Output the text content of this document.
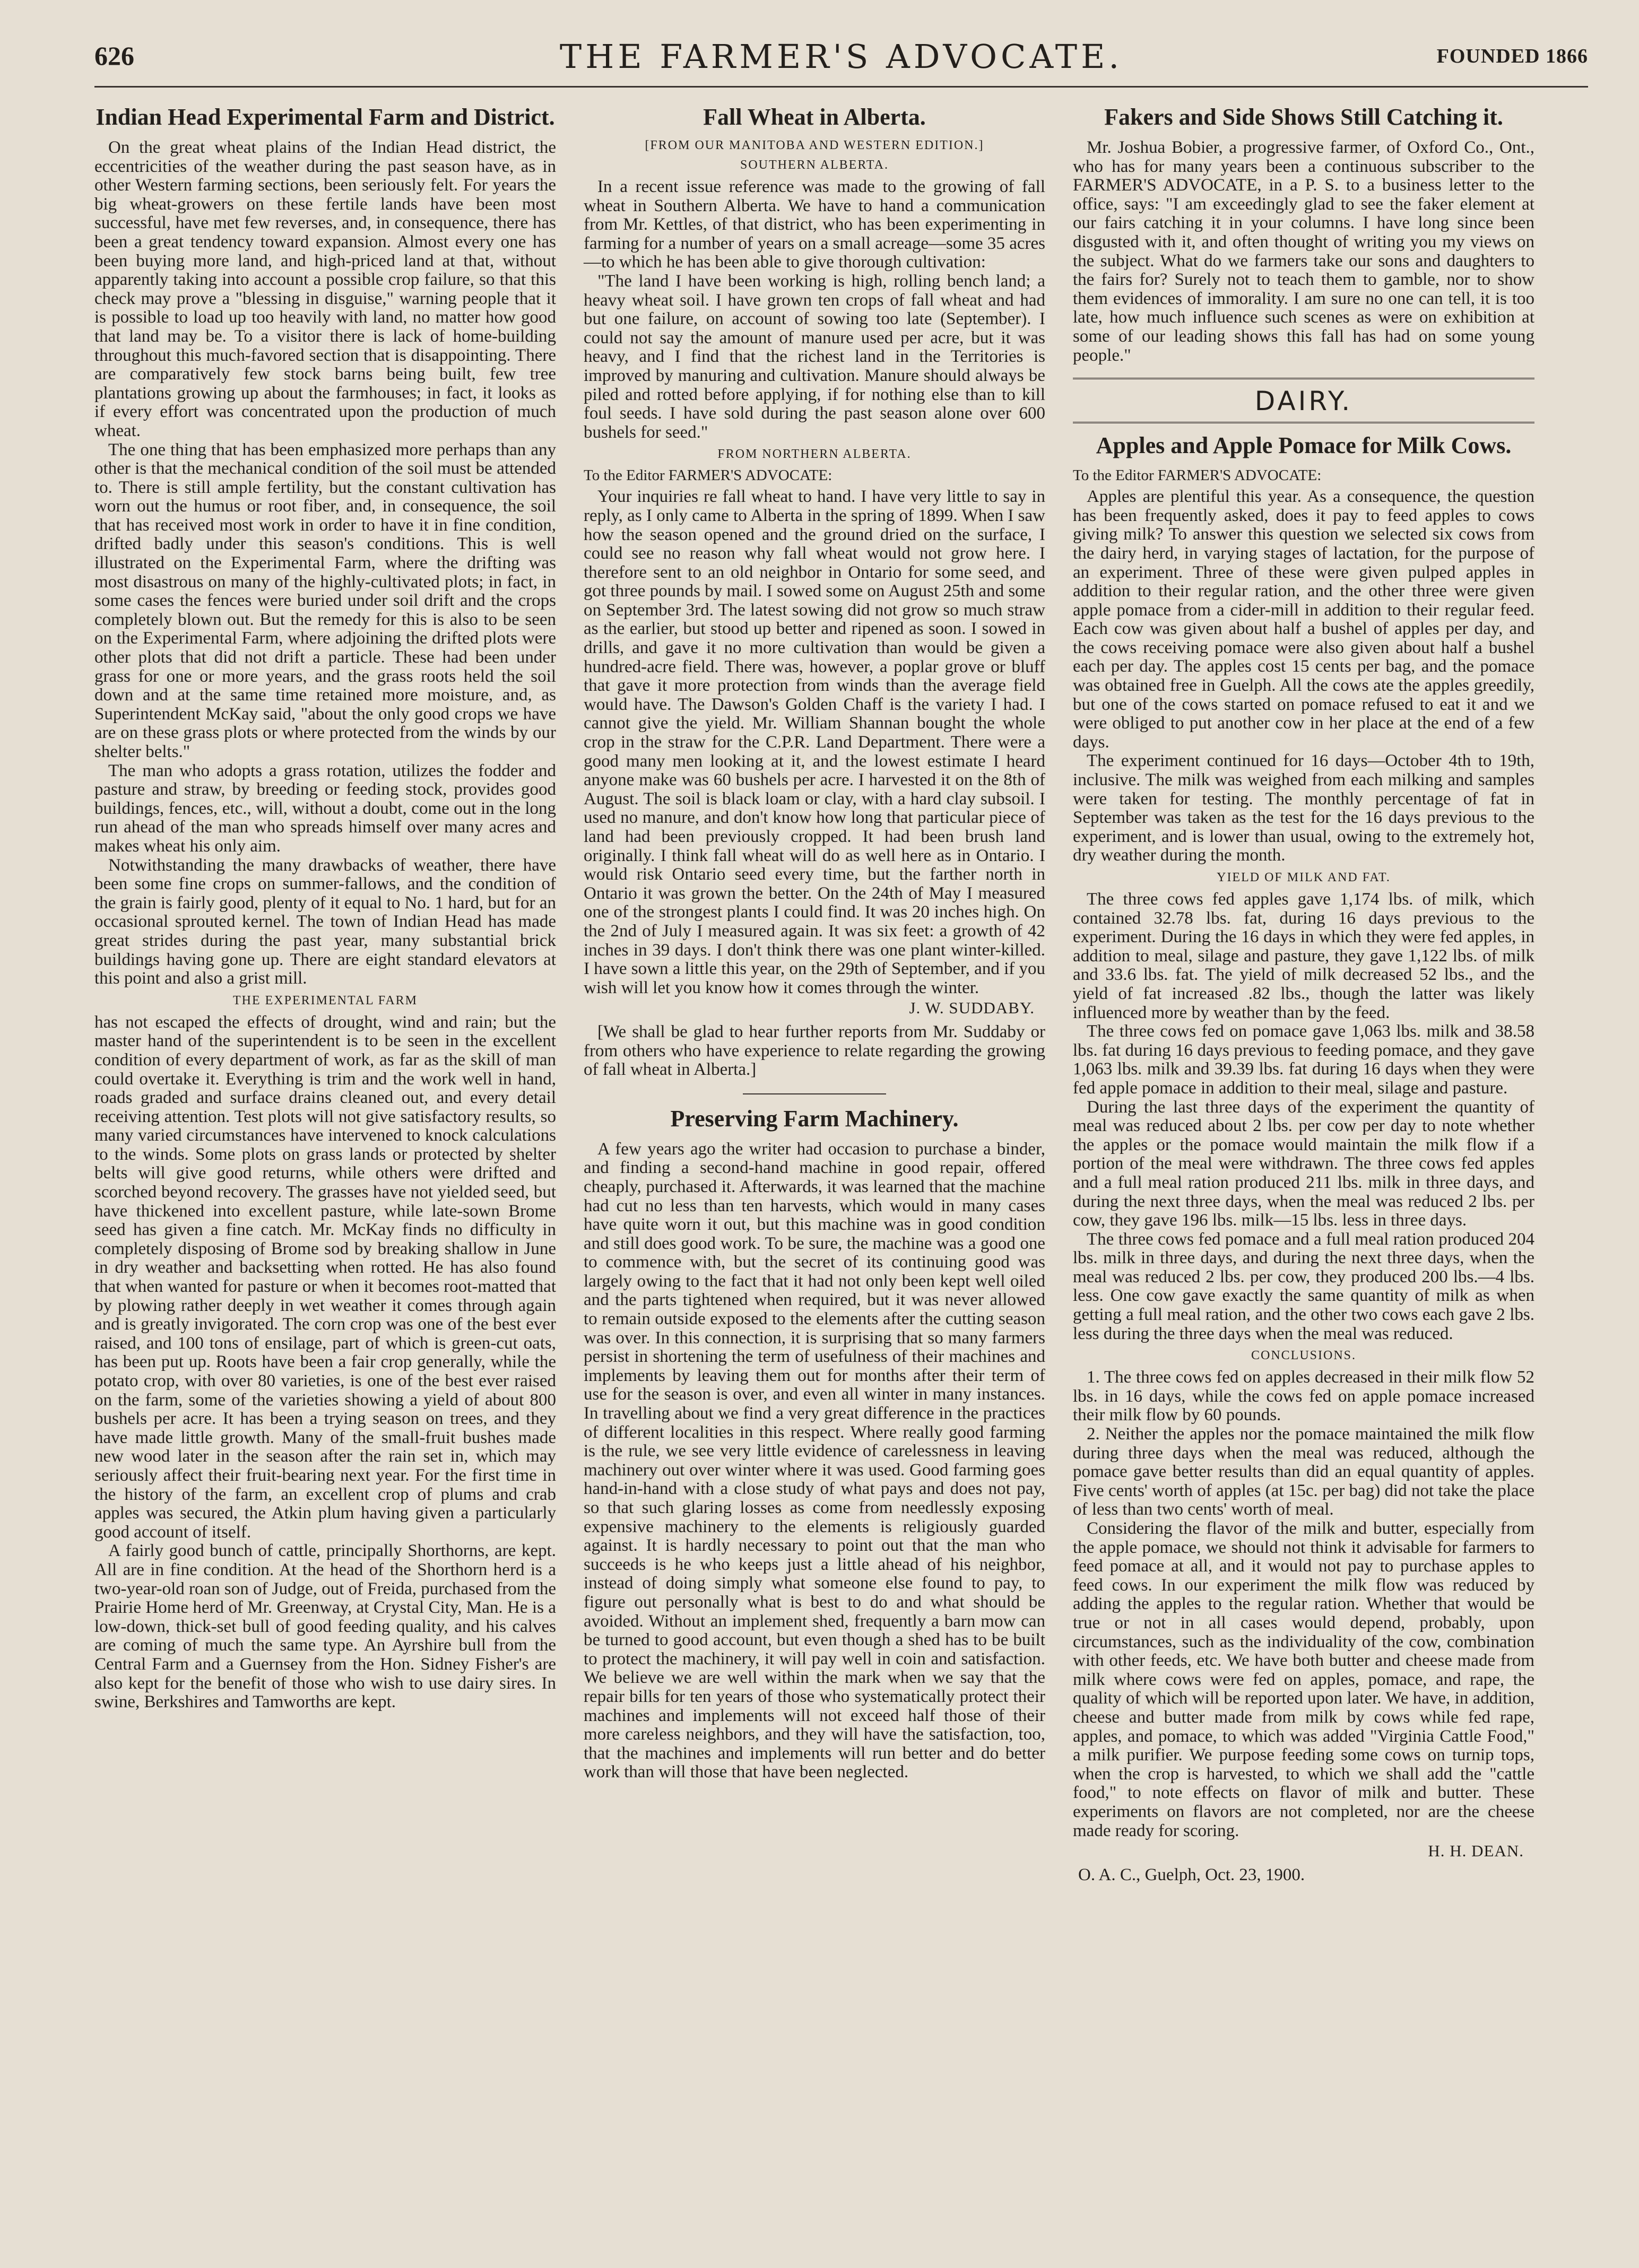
626	THE FARMER'S ADVOCATE.	FOUNDED 1866
Indian Head Experimental Farm and District.

On the great wheat plains of the Indian Head district, the eccentricities of the weather during the past season have, as in other Western farming sections, been seriously felt. For years the big wheat-growers on these fertile lands have been most successful, have met few reverses, and, in consequence, there has been a great tendency toward expansion. Almost every one has been buying more land, and high-priced land at that, without apparently taking into account a possible crop failure, so that this check may prove a "blessing in disguise," warning people that it is possible to load up too heavily with land, no matter how good that land may be. To a visitor there is lack of home-building throughout this much-favored section that is disappointing. There are comparatively few stock barns being built, few tree plantations growing up about the farmhouses; in fact, it looks as if every effort was concentrated upon the production of much wheat.

The one thing that has been emphasized more perhaps than any other is that the mechanical condition of the soil must be attended to. There is still ample fertility, but the constant cultivation has worn out the humus or root fiber, and, in consequence, the soil that has received most work in order to have it in fine condition, drifted badly under this season's conditions. This is well illustrated on the Experimental Farm, where the drifting was most disastrous on many of the highly-cultivated plots; in fact, in some cases the fences were buried under soil drift and the crops completely blown out. But the remedy for this is also to be seen on the Experimental Farm, where adjoining the drifted plots were other plots that did not drift a particle. These had been under grass for one or more years, and the grass roots held the soil down and at the same time retained more moisture, and, as Superintendent McKay said, "about the only good crops we have are on these grass plots or where protected from the winds by our shelter belts."

The man who adopts a grass rotation, utilizes the fodder and pasture and straw, by breeding or feeding stock, provides good buildings, fences, etc., will, without a doubt, come out in the long run ahead of the man who spreads himself over many acres and makes wheat his only aim.

Notwithstanding the many drawbacks of weather, there have been some fine crops on summer-fallows, and the condition of the grain is fairly good, plenty of it equal to No. 1 hard, but for an occasional sprouted kernel. The town of Indian Head has made great strides during the past year, many substantial brick buildings having gone up. There are eight standard elevators at this point and also a grist mill.

THE EXPERIMENTAL FARM

has not escaped the effects of drought, wind and rain; but the master hand of the superintendent is to be seen in the excellent condition of every department of work, as far as the skill of man could overtake it. Everything is trim and the work well in hand, roads graded and surface drains cleaned out, and every detail receiving attention. Test plots will not give satisfactory results, so many varied circumstances have intervened to knock calculations to the winds. Some plots on grass lands or protected by shelter belts will give good returns, while others were drifted and scorched beyond recovery. The grasses have not yielded seed, but have thickened into excellent pasture, while late-sown Brome seed has given a fine catch. Mr. McKay finds no difficulty in completely disposing of Brome sod by breaking shallow in June in dry weather and backsetting when rotted. He has also found that when wanted for pasture or when it becomes root-matted that by plowing rather deeply in wet weather it comes through again and is greatly invigorated. The corn crop was one of the best ever raised, and 100 tons of ensilage, part of which is green-cut oats, has been put up. Roots have been a fair crop generally, while the potato crop, with over 80 varieties, is one of the best ever raised on the farm, some of the varieties showing a yield of about 800 bushels per acre. It has been a trying season on trees, and they have made little growth. Many of the small-fruit bushes made new wood later in the season after the rain set in, which may seriously affect their fruit-bearing next year. For the first time in the history of the farm, an excellent crop of plums and crab apples was secured, the Atkin plum having given a particularly good account of itself.

A fairly good bunch of cattle, principally Shorthorns, are kept. All are in fine condition. At the head of the Shorthorn herd is a two-year-old roan son of Judge, out of Freida, purchased from the Prairie Home herd of Mr. Greenway, at Crystal City, Man. He is a low-down, thick-set bull of good feeding quality, and his calves are coming of much the same type. An Ayrshire bull from the Central Farm and a Guernsey from the Hon. Sidney Fisher's are also kept for the benefit of those who wish to use dairy sires. In swine, Berkshires and Tamworths are kept.

Fall Wheat in Alberta.
[FROM OUR MANITOBA AND WESTERN EDITION.]
SOUTHERN ALBERTA.

In a recent issue reference was made to the growing of fall wheat in Southern Alberta. We have to hand a communication from Mr. Kettles, of that district, who has been experimenting in farming for a number of years on a small acreage—some 35 acres—to which he has been able to give thorough cultivation:

"The land I have been working is high, rolling bench land; a heavy wheat soil. I have grown ten crops of fall wheat and had but one failure, on account of sowing too late (September). I could not say the amount of manure used per acre, but it was heavy, and I find that the richest land in the Territories is improved by manuring and cultivation. Manure should always be piled and rotted before applying, if for nothing else than to kill foul seeds. I have sold during the past season alone over 600 bushels for seed."

FROM NORTHERN ALBERTA.
To the Editor FARMER'S ADVOCATE:

Your inquiries re fall wheat to hand. I have very little to say in reply, as I only came to Alberta in the spring of 1899. When I saw how the season opened and the ground dried on the surface, I could see no reason why fall wheat would not grow here. I therefore sent to an old neighbor in Ontario for some seed, and got three pounds by mail. I sowed some on August 25th and some on September 3rd. The latest sowing did not grow so much straw as the earlier, but stood up better and ripened as soon. I sowed in drills, and gave it no more cultivation than would be given a hundred-acre field. There was, however, a poplar grove or bluff that gave it more protection from winds than the average field would have. The Dawson's Golden Chaff is the variety I had. I cannot give the yield. Mr. William Shannan bought the whole crop in the straw for the C.P.R. Land Department. There were a good many men looking at it, and the lowest estimate I heard anyone make was 60 bushels per acre. I harvested it on the 8th of August. The soil is black loam or clay, with a hard clay subsoil. I used no manure, and don't know how long that particular piece of land had been previously cropped. It had been brush land originally. I think fall wheat will do as well here as in Ontario. I would risk Ontario seed every time, but the farther north in Ontario it was grown the better. On the 24th of May I measured one of the strongest plants I could find. It was 20 inches high. On the 2nd of July I measured again. It was six feet: a growth of 42 inches in 39 days. I don't think there was one plant winter-killed. I have sown a little this year, on the 29th of September, and if you wish will let you know how it comes through the winter.

J. W. SUDDABY.

[We shall be glad to hear further reports from Mr. Suddaby or from others who have experience to relate regarding the growing of fall wheat in Alberta.]

Preserving Farm Machinery.

A few years ago the writer had occasion to purchase a binder, and finding a second-hand machine in good repair, offered cheaply, purchased it. Afterwards, it was learned that the machine had cut no less than ten harvests, which would in many cases have quite worn it out, but this machine was in good condition and still does good work. To be sure, the machine was a good one to commence with, but the secret of its continuing good was largely owing to the fact that it had not only been kept well oiled and the parts tightened when required, but it was never allowed to remain outside exposed to the elements after the cutting season was over. In this connection, it is surprising that so many farmers persist in shortening the term of usefulness of their machines and implements by leaving them out for months after their term of use for the season is over, and even all winter in many instances. In travelling about we find a very great difference in the practices of different localities in this respect. Where really good farming is the rule, we see very little evidence of carelessness in leaving machinery out over winter where it was used. Good farming goes hand-in-hand with a close study of what pays and does not pay, so that such glaring losses as come from needlessly exposing expensive machinery to the elements is religiously guarded against. It is hardly necessary to point out that the man who succeeds is he who keeps just a little ahead of his neighbor, instead of doing simply what someone else found to pay, to figure out personally what is best to do and what should be avoided. Without an implement shed, frequently a barn mow can be turned to good account, but even though a shed has to be built to protect the machinery, it will pay well in coin and satisfaction. We believe we are well within the mark when we say that the repair bills for ten years of those who systematically protect their machines and implements will not exceed half those of their more careless neighbors, and they will have the satisfaction, too, that the machines and implements will run better and do better work than will those that have been neglected.

Fakers and Side Shows Still Catching it.

Mr. Joshua Bobier, a progressive farmer, of Oxford Co., Ont., who has for many years been a continuous subscriber to the FARMER'S ADVOCATE, in a P. S. to a business letter to the office, says: "I am exceedingly glad to see the faker element at our fairs catching it in your columns. I have long since been disgusted with it, and often thought of writing you my views on the subject. What do we farmers take our sons and daughters to the fairs for? Surely not to teach them to gamble, nor to show them evidences of immorality. I am sure no one can tell, it is too late, how much influence such scenes as were on exhibition at some of our leading shows this fall has had on some young people."

DAIRY.
Apples and Apple Pomace for Milk Cows.
To the Editor FARMER'S ADVOCATE:

Apples are plentiful this year. As a consequence, the question has been frequently asked, does it pay to feed apples to cows giving milk? To answer this question we selected six cows from the dairy herd, in varying stages of lactation, for the purpose of an experiment. Three of these were given pulped apples in addition to their regular ration, and the other three were given apple pomace from a cider-mill in addition to their regular feed. Each cow was given about half a bushel of apples per day, and the cows receiving pomace were also given about half a bushel each per day. The apples cost 15 cents per bag, and the pomace was obtained free in Guelph. All the cows ate the apples greedily, but one of the cows started on pomace refused to eat it and we were obliged to put another cow in her place at the end of a few days.

The experiment continued for 16 days—October 4th to 19th, inclusive. The milk was weighed from each milking and samples were taken for testing. The monthly percentage of fat in September was taken as the test for the 16 days previous to the experiment, and is lower than usual, owing to the extremely hot, dry weather during the month.

YIELD OF MILK AND FAT.

The three cows fed apples gave 1,174 lbs. of milk, which contained 32.78 lbs. fat, during 16 days previous to the experiment. During the 16 days in which they were fed apples, in addition to meal, silage and pasture, they gave 1,122 lbs. of milk and 33.6 lbs. fat. The yield of milk decreased 52 lbs., and the yield of fat increased .82 lbs., though the latter was likely influenced more by weather than by the feed.

The three cows fed on pomace gave 1,063 lbs. milk and 38.58 lbs. fat during 16 days previous to feeding pomace, and they gave 1,063 lbs. milk and 39.39 lbs. fat during 16 days when they were fed apple pomace in addition to their meal, silage and pasture.

During the last three days of the experiment the quantity of meal was reduced about 2 lbs. per cow per day to note whether the apples or the pomace would maintain the milk flow if a portion of the meal were withdrawn. The three cows fed apples and a full meal ration produced 211 lbs. milk in three days, and during the next three days, when the meal was reduced 2 lbs. per cow, they gave 196 lbs. milk—15 lbs. less in three days.

The three cows fed pomace and a full meal ration produced 204 lbs. milk in three days, and during the next three days, when the meal was reduced 2 lbs. per cow, they produced 200 lbs.—4 lbs. less. One cow gave exactly the same quantity of milk as when getting a full meal ration, and the other two cows each gave 2 lbs. less during the three days when the meal was reduced.

CONCLUSIONS.

1. The three cows fed on apples decreased in their milk flow 52 lbs. in 16 days, while the cows fed on apple pomace increased their milk flow by 60 pounds.

2. Neither the apples nor the pomace maintained the milk flow during three days when the meal was reduced, although the pomace gave better results than did an equal quantity of apples. Five cents' worth of apples (at 15c. per bag) did not take the place of less than two cents' worth of meal.

Considering the flavor of the milk and butter, especially from the apple pomace, we should not think it advisable for farmers to feed pomace at all, and it would not pay to purchase apples to feed cows. In our experiment the milk flow was reduced by adding the apples to the regular ration. Whether that would be true or not in all cases would depend, probably, upon circumstances, such as the individuality of the cow, combination with other feeds, etc. We have both butter and cheese made from milk where cows were fed on apples, pomace, and rape, the quality of which will be reported upon later. We have, in addition, cheese and butter made from milk by cows while fed rape, apples, and pomace, to which was added "Virginia Cattle Food," a milk purifier. We purpose feeding some cows on turnip tops, when the crop is harvested, to which we shall add the "cattle food," to note effects on flavor of milk and butter. These experiments on flavors are not completed, nor are the cheese made ready for scoring.

H. H. DEAN.

O. A. C., Guelph, Oct. 23, 1900.
